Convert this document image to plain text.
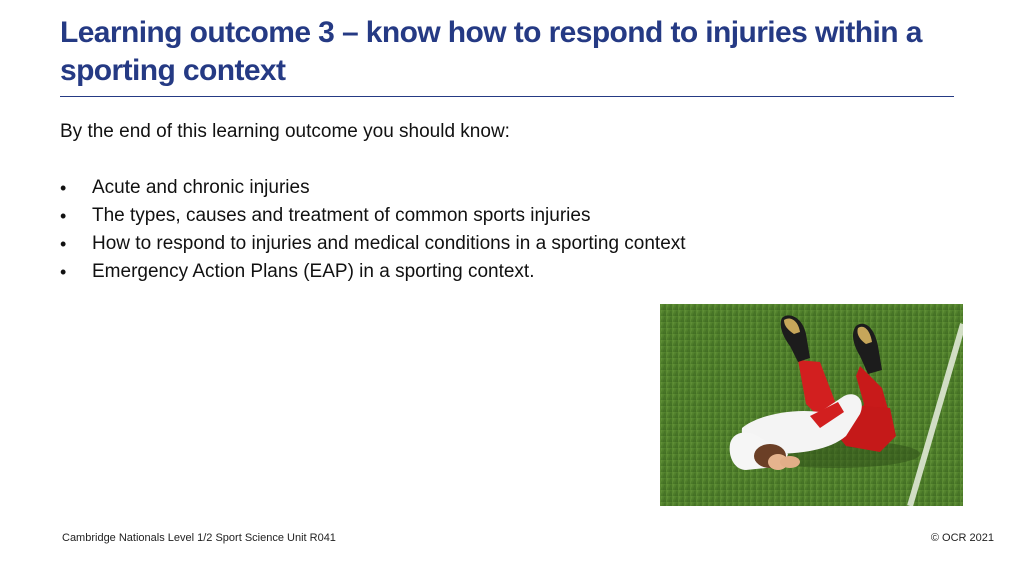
Learning outcome 3 – know how to respond to injuries within a sporting context

By the end of this learning outcome you should know:

• Acute and chronic injuries
• The types, causes and treatment of common sports injuries
• How to respond to injuries and medical conditions in a sporting context
• Emergency Action Plans (EAP) in a sporting context.
Cambridge Nationals Level 1/2 Sport Science Unit R041	© OCR 2021
